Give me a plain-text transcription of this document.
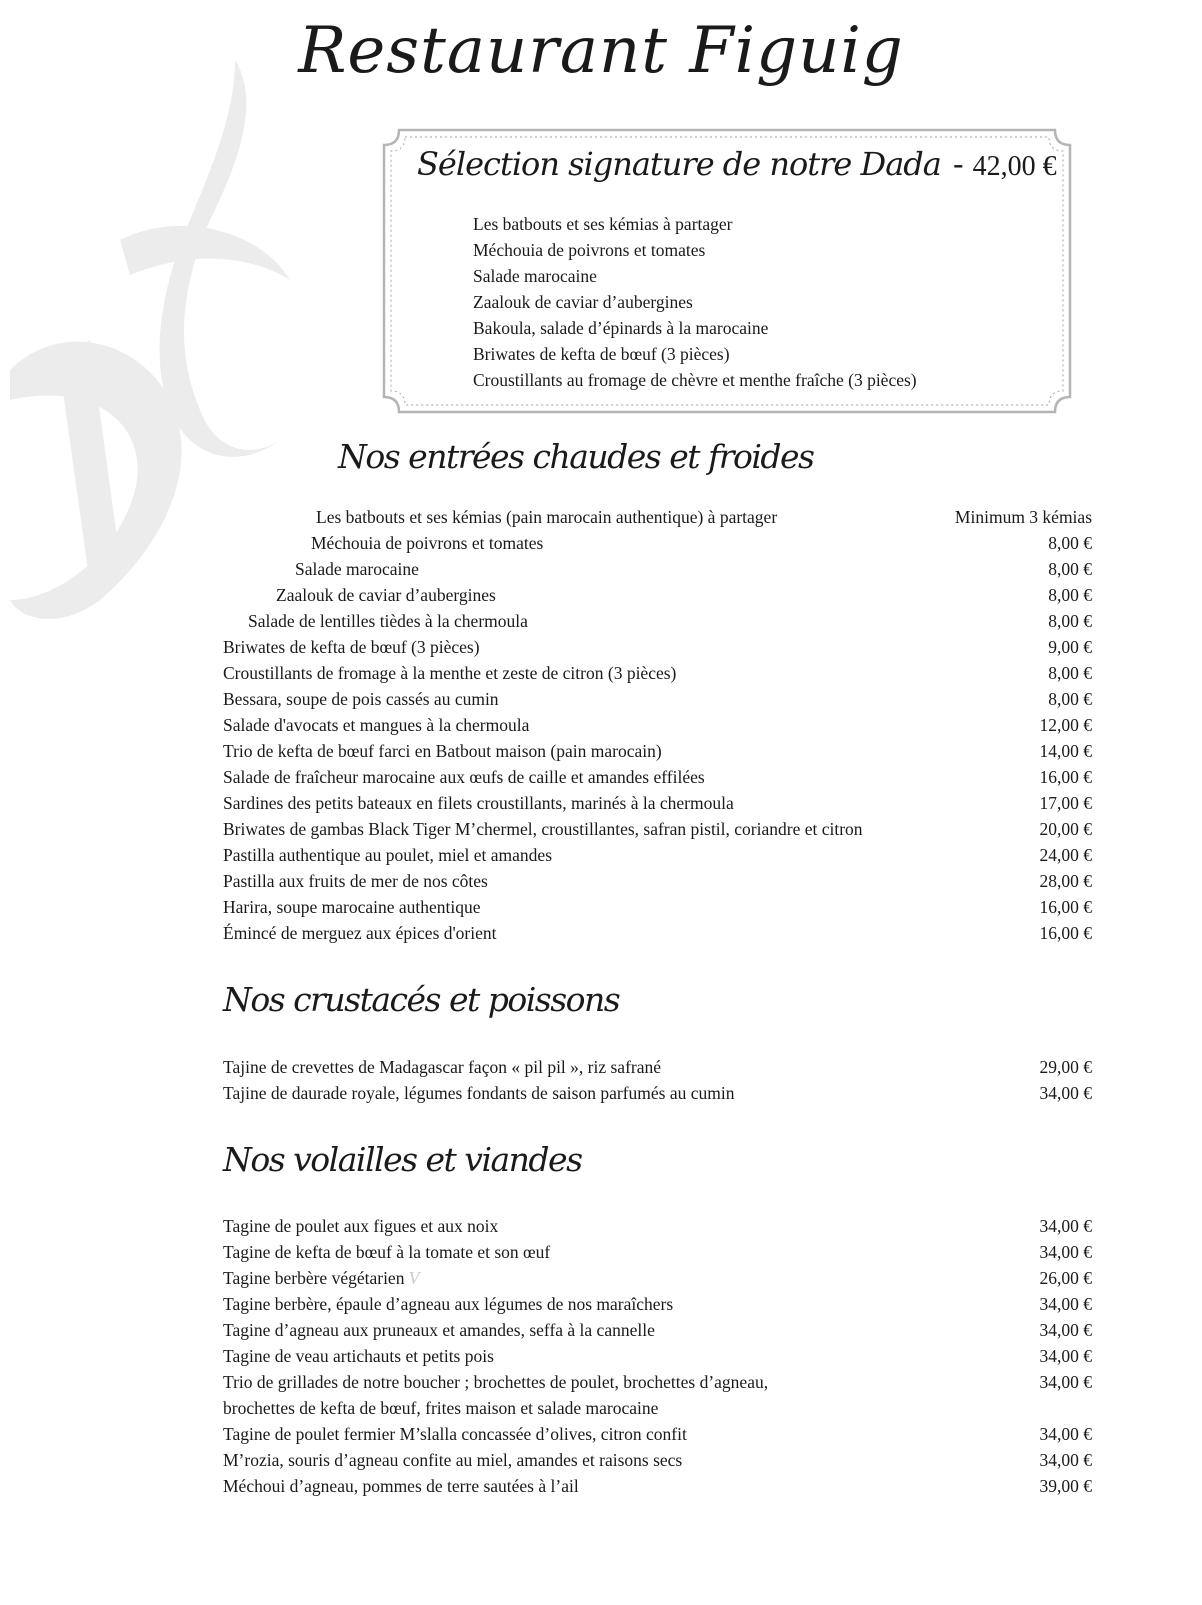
Restaurant Figuig
Sélection signature de notre Dada - 42,00 €
Les batbouts et ses kémias à partager
Méchouia de poivrons et tomates
Salade marocaine
Zaalouk de caviar d’aubergines
Bakoula, salade d’épinards à la marocaine
Briwates de kefta de bœuf (3 pièces)
Croustillants au fromage de chèvre et menthe fraîche (3 pièces)
Nos entrées chaudes et froides
Les batbouts et ses kémias (pain marocain authentique) à partager	Minimum 3 kémias
Méchouia de poivrons et tomates	8,00 €
Salade marocaine	8,00 €
Zaalouk de caviar d’aubergines	8,00 €
Salade de lentilles tièdes à la chermoula	8,00 €
Briwates de kefta de bœuf (3 pièces)	9,00 €
Croustillants de fromage à la menthe et zeste de citron (3 pièces)	8,00 €
Bessara, soupe de pois cassés au cumin	8,00 €
Salade d'avocats et mangues à la chermoula	12,00 €
Trio de kefta de bœuf farci en Batbout maison (pain marocain)	14,00 €
Salade de fraîcheur marocaine aux œufs de caille et amandes effilées	16,00 €
Sardines des petits bateaux en filets croustillants, marinés à la chermoula	17,00 €
Briwates de gambas Black Tiger M’chermel, croustillantes, safran pistil, coriandre et citron	20,00 €
Pastilla authentique au poulet, miel et amandes	24,00 €
Pastilla aux fruits de mer de nos côtes	28,00 €
Harira, soupe marocaine authentique	16,00 €
Émincé de merguez aux épices d'orient	16,00 €
Nos crustacés et poissons
Tajine de crevettes de Madagascar façon « pil pil », riz safrané	29,00 €
Tajine de daurade royale, légumes fondants de saison parfumés au cumin	34,00 €
Nos volailles et viandes
Tagine de poulet aux figues et aux noix	34,00 €
Tagine de kefta de bœuf à la tomate et son œuf	34,00 €
Tagine berbère végétarien V	26,00 €
Tagine berbère, épaule d’agneau aux légumes de nos maraîchers	34,00 €
Tagine d’agneau aux pruneaux et amandes, seffa à la cannelle	34,00 €
Tagine de veau artichauts et petits pois	34,00 €
Trio de grillades de notre boucher ; brochettes de poulet, brochettes d’agneau, brochettes de kefta de bœuf, frites maison et salade marocaine
34,00 €
Tagine de poulet fermier M’slalla concassée d’olives, citron confit	34,00 €
M’rozia, souris d’agneau confite au miel, amandes et raisons secs	34,00 €
Méchoui d’agneau, pommes de terre sautées à l’ail	39,00 €
